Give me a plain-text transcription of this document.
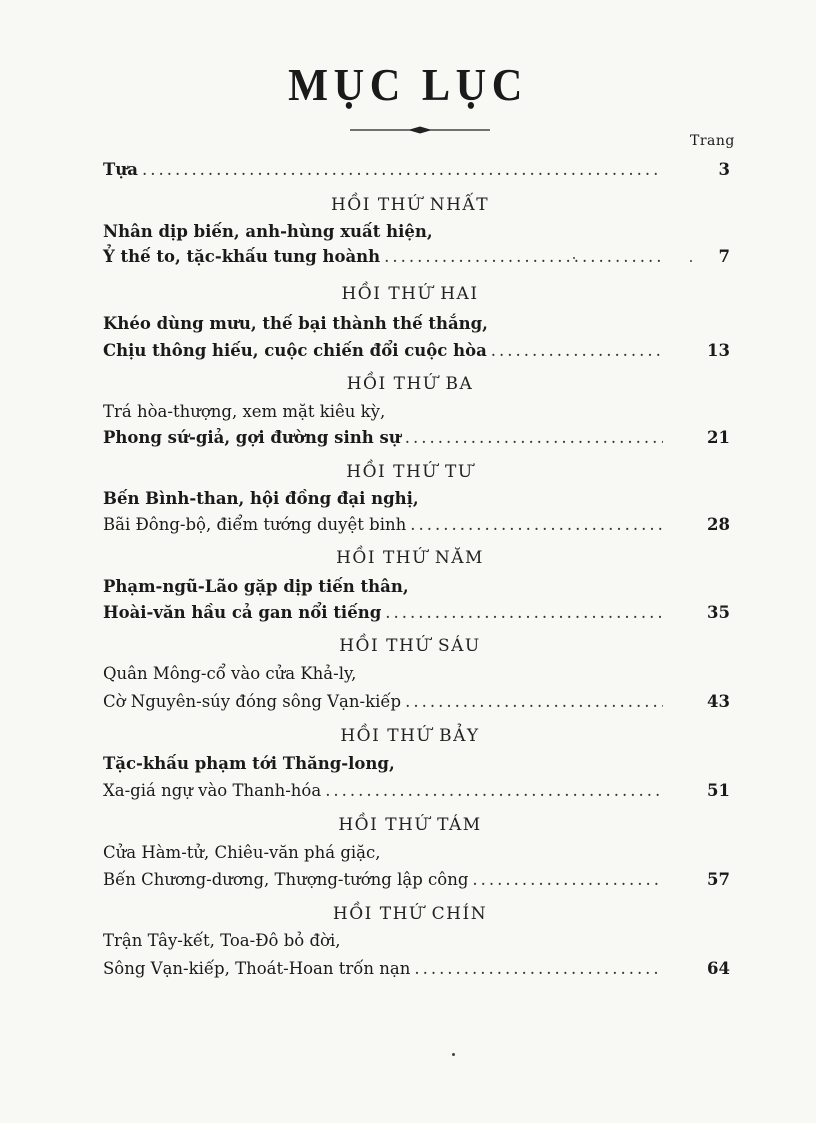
MỤC LỤC
Trang
Tựa .....	3
HỒI THỨ NHẤT
Nhân dịp biến, anh-hùng xuất hiện,
Ỷ thế to, tặc-khấu tung hoành .....	7
HỒI THỨ HAI
Khéo dùng mưu, thế bại thành thế thắng,
Chịu thông hiếu, cuộc chiến đổi cuộc hòa .....	13
HỒI THỨ BA
Trá hòa-thượng, xem mặt kiêu kỳ,
Phong sứ-giả, gợi đường sinh sự .....	21
HỒI THỨ TƯ
Bến Bình-than, hội đồng đại nghị,
Bãi Đông-bộ, điểm tướng duyệt binh .....	28
HỒI THỨ NĂM
Phạm-ngũ-Lão gặp dịp tiến thân,
Hoài-văn hầu cả gan nổi tiếng .....	35
HỒI THỨ SÁU
Quân Mông-cổ vào cửa Khả-ly,
Cờ Nguyên-súy đóng sông Vạn-kiếp .....	43
HỒI THỨ BẢY
Tặc-khấu phạm tới Thăng-long,
Xa-giá ngự vào Thanh-hóa .....	51
HỒI THỨ TÁM
Cửa Hàm-tử, Chiêu-văn phá giặc,
Bến Chương-dương, Thượng-tướng lập công .....	57
HỒI THỨ CHÍN
Trận Tây-kết, Toa-Đô bỏ đời,
Sông Vạn-kiếp, Thoát-Hoan trốn nạn .....	64
